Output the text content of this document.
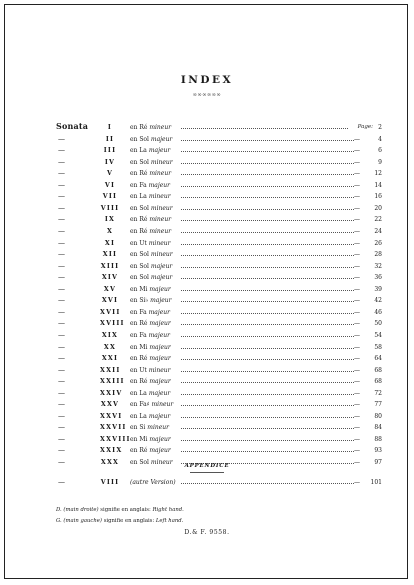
INDEX
∞∞∞∞∞∞
Sonata	I	en Ré mineur	Page: 2
—	II	en Sol majeur	—	4
—	III	en La majeur	—	6
—	IV	en Sol mineur	—	9
—	V	en Ré mineur	—	12
—	VI	en Fa majeur	—	14
—	VII	en La mineur	—	16
—	VIII en Sol mineur	—	20
—	IX	en Ré mineur	—	22
—	X	en Ré mineur	—	24
—	XI	en Ut mineur	—	26
—	XII	en Sol mineur	—	28
—	XIII en Sol majeur	—	32
—	XIV	en Sol majeur	—	36
—	XV	en Mi majeur	—	39
—	XVI	en Si♭ majeur	—	42
—	XVII en Fa majeur	—	46
—	XVIII en Ré majeur	—	50
—	XIX	en Fa majeur	—	54
—	XX	en Mi majeur	—	58
—	XXI	en Ré majeur	—	64
—	XXII en Ut mineur	—	68
—	XXIII en Ré majeur	—	68
—	XXIV en La majeur	—	72
—	XXV en Fa♯ mineur	—	77
—	XXVI en La majeur	—	80
—	XXVII en Si mineur	—	84
—	XXVIII en Mi majeur	—	88
—	XXIX en Ré majeur	—	93
—	XXX en Sol mineur	—	97
APPENDICE
—	VIII (autre Version)	—	101
D. (main droite) signifie en anglais: Right hand.
G. (main gauche) signifie en anglais: Left hand.
D.& F. 9558.
